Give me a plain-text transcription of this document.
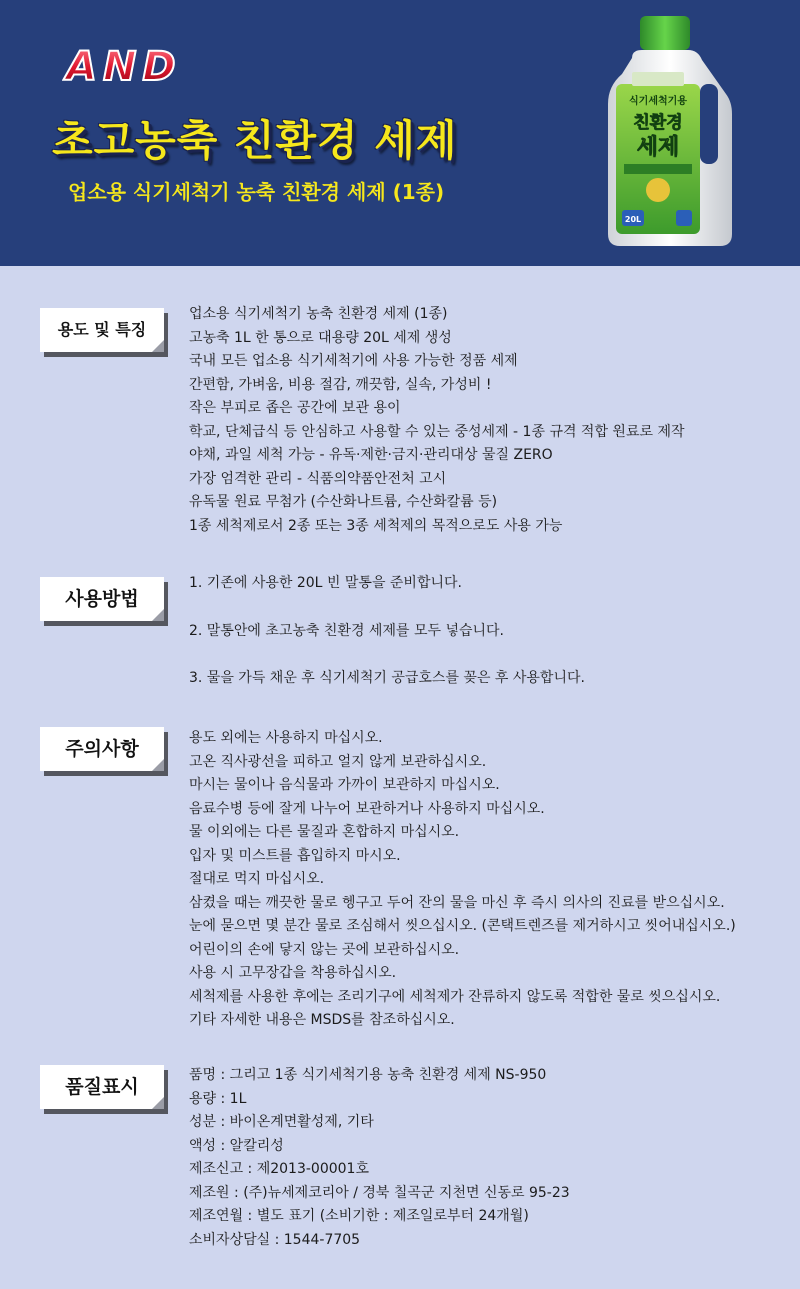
AND
초고농축 친환경 세제
업소용 식기세척기 농축 친환경 세제 (1종)
식기세척기용
친환경
세제
20L
용도 및 특징
업소용 식기세척기 농축 친환경 세제 (1종)
고농축 1L 한 통으로 대용량 20L 세제 생성
국내 모든 업소용 식기세척기에 사용 가능한 정품 세제
간편함, 가벼움, 비용 절감, 깨끗함, 실속, 가성비 !
작은 부피로 좁은 공간에 보관 용이
학교, 단체급식 등 안심하고 사용할 수 있는 중성세제 - 1종 규격 적합 원료로 제작
야채, 과일 세척 가능 - 유독·제한·금지·관리대상 물질 ZERO
가장 엄격한 관리 - 식품의약품안전처 고시
유독물 원료 무첨가 (수산화나트륨, 수산화칼륨 등)
1종 세척제로서 2종 또는 3종 세척제의 목적으로도 사용 가능
사용방법
1. 기존에 사용한 20L 빈 말통을 준비합니다.
2. 말통안에 초고농축 친환경 세제를 모두 넣습니다.
3. 물을 가득 채운 후 식기세척기 공급호스를 꽂은 후 사용합니다.
주의사항	용도 외에는 사용하지 마십시오.
고온 직사광선을 피하고 얼지 않게 보관하십시오.
마시는 물이나 음식물과 가까이 보관하지 마십시오.
음료수병 등에 잘게 나누어 보관하거나 사용하지 마십시오.
물 이외에는 다른 물질과 혼합하지 마십시오.
입자 및 미스트를 흡입하지 마시오.
절대로 먹지 마십시오.
삼켰을 때는 깨끗한 물로 헹구고 두어 잔의 물을 마신 후 즉시 의사의 진료를 받으십시오.
눈에 묻으면 몇 분간 물로 조심해서 씻으십시오. (콘택트렌즈를 제거하시고 씻어내십시오.)
어린이의 손에 닿지 않는 곳에 보관하십시오.
사용 시 고무장갑을 착용하십시오.
세척제를 사용한 후에는 조리기구에 세척제가 잔류하지 않도록 적합한 물로 씻으십시오.
기타 자세한 내용은 MSDS를 참조하십시오.
품질표시
품명 : 그리고 1종 식기세척기용 농축 친환경 세제 NS-950
용량 : 1L
성분 : 바이온계면활성제, 기타
액성 : 알칼리성
제조신고 : 제2013-00001호
제조원 : (주)뉴세제코리아 / 경북 칠곡군 지천면 신동로 95-23
제조연월 : 별도 표기 (소비기한 : 제조일로부터 24개월)
소비자상담실 : 1544-7705
